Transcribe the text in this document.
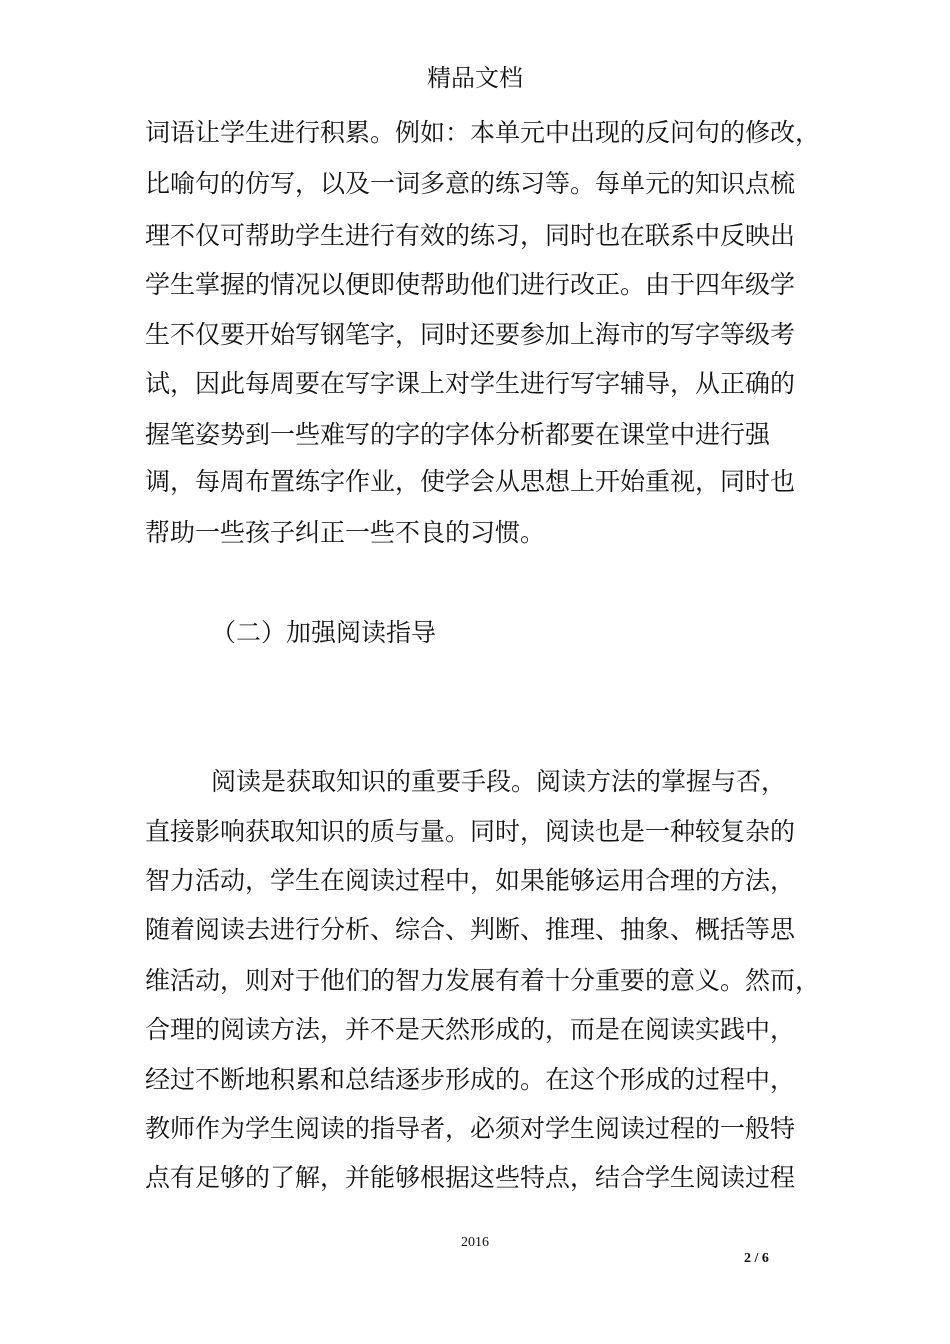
精品文档
词语让学生进行积累。例如：本单元中出现的反问句的修改，
比喻句的仿写，以及一词多意的练习等。每单元的知识点梳
理不仅可帮助学生进行有效的练习，同时也在联系中反映出
学生掌握的情况以便即使帮助他们进行改正。由于四年级学
生不仅要开始写钢笔字，同时还要参加上海市的写字等级考
试，因此每周要在写字课上对学生进行写字辅导，从正确的
握笔姿势到一些难写的字的字体分析都要在课堂中进行强
调，每周布置练字作业，使学会从思想上开始重视，同时也
帮助一些孩子纠正一些不良的习惯。
（二）加强阅读指导
阅读是获取知识的重要手段。阅读方法的掌握与否，
直接影响获取知识的质与量。同时，阅读也是一种较复杂的
智力活动，学生在阅读过程中，如果能够运用合理的方法，
随着阅读去进行分析、综合、判断、推理、抽象、概括等思
维活动，则对于他们的智力发展有着十分重要的意义。然而，
合理的阅读方法，并不是天然形成的，而是在阅读实践中，
经过不断地积累和总结逐步形成的。在这个形成的过程中，
教师作为学生阅读的指导者，必须对学生阅读过程的一般特
点有足够的了解，并能够根据这些特点，结合学生阅读过程
2016
2 / 6
